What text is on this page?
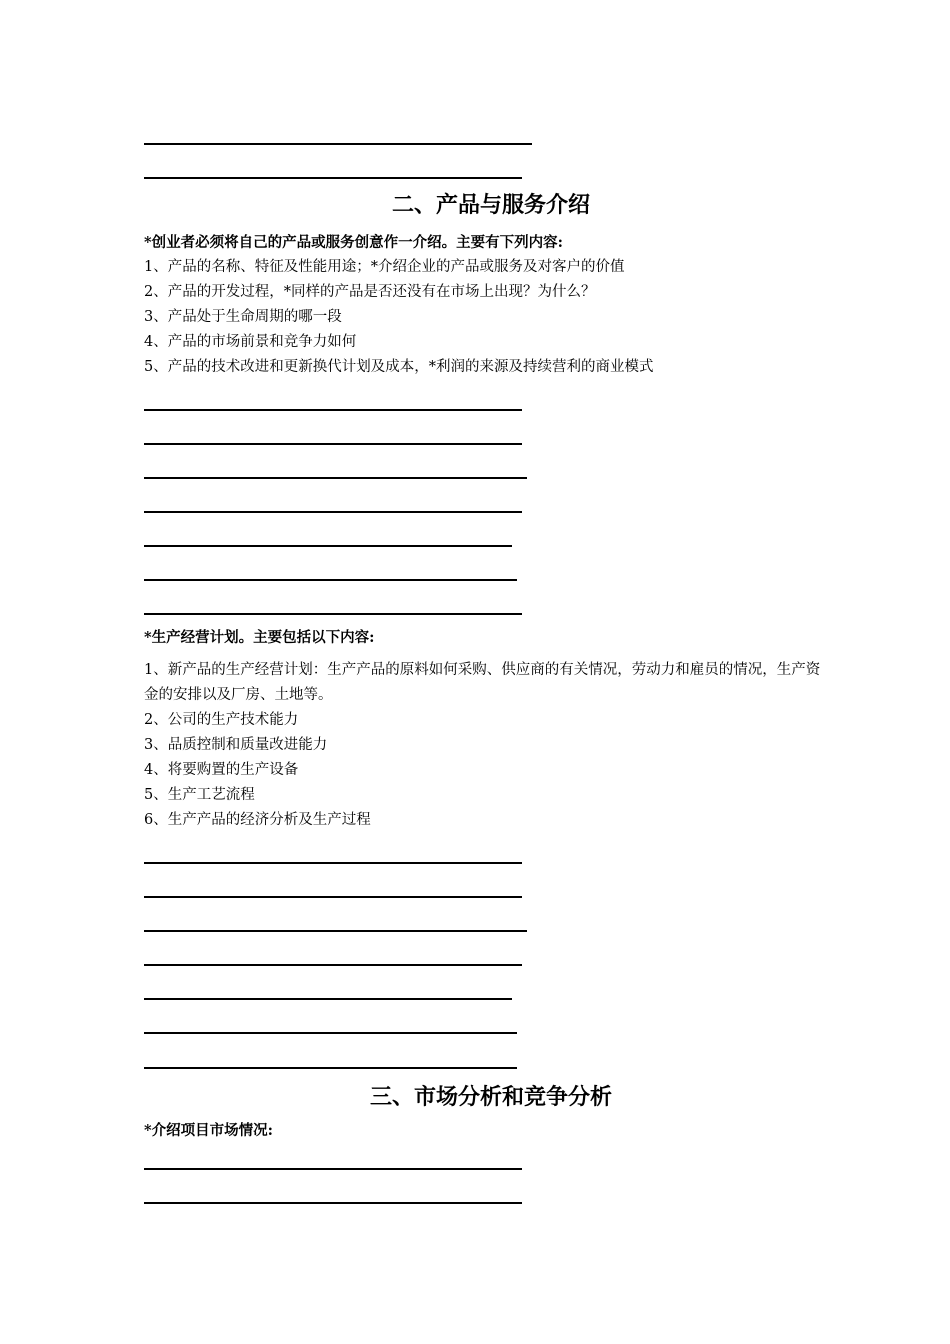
二、产品与服务介绍

*创业者必须将自己的产品或服务创意作一介绍。主要有下列内容:

1、产品的名称、特征及性能用途；*介绍企业的产品或服务及对客户的价值

2、产品的开发过程，*同样的产品是否还没有在市场上出现？为什么？

3、产品处于生命周期的哪一段

4、产品的市场前景和竞争力如何

5、产品的技术改进和更新换代计划及成本，*利润的来源及持续营利的商业模式

*生产经营计划。主要包括以下内容:

1、新产品的生产经营计划：生产产品的原料如何采购、供应商的有关情况，劳动力和雇员的情况，生产资金的安排以及厂房、土地等。

2、公司的生产技术能力

3、品质控制和质量改进能力

4、将要购置的生产设备

5、生产工艺流程

6、生产产品的经济分析及生产过程

三、市场分析和竞争分析

*介绍项目市场情况:
